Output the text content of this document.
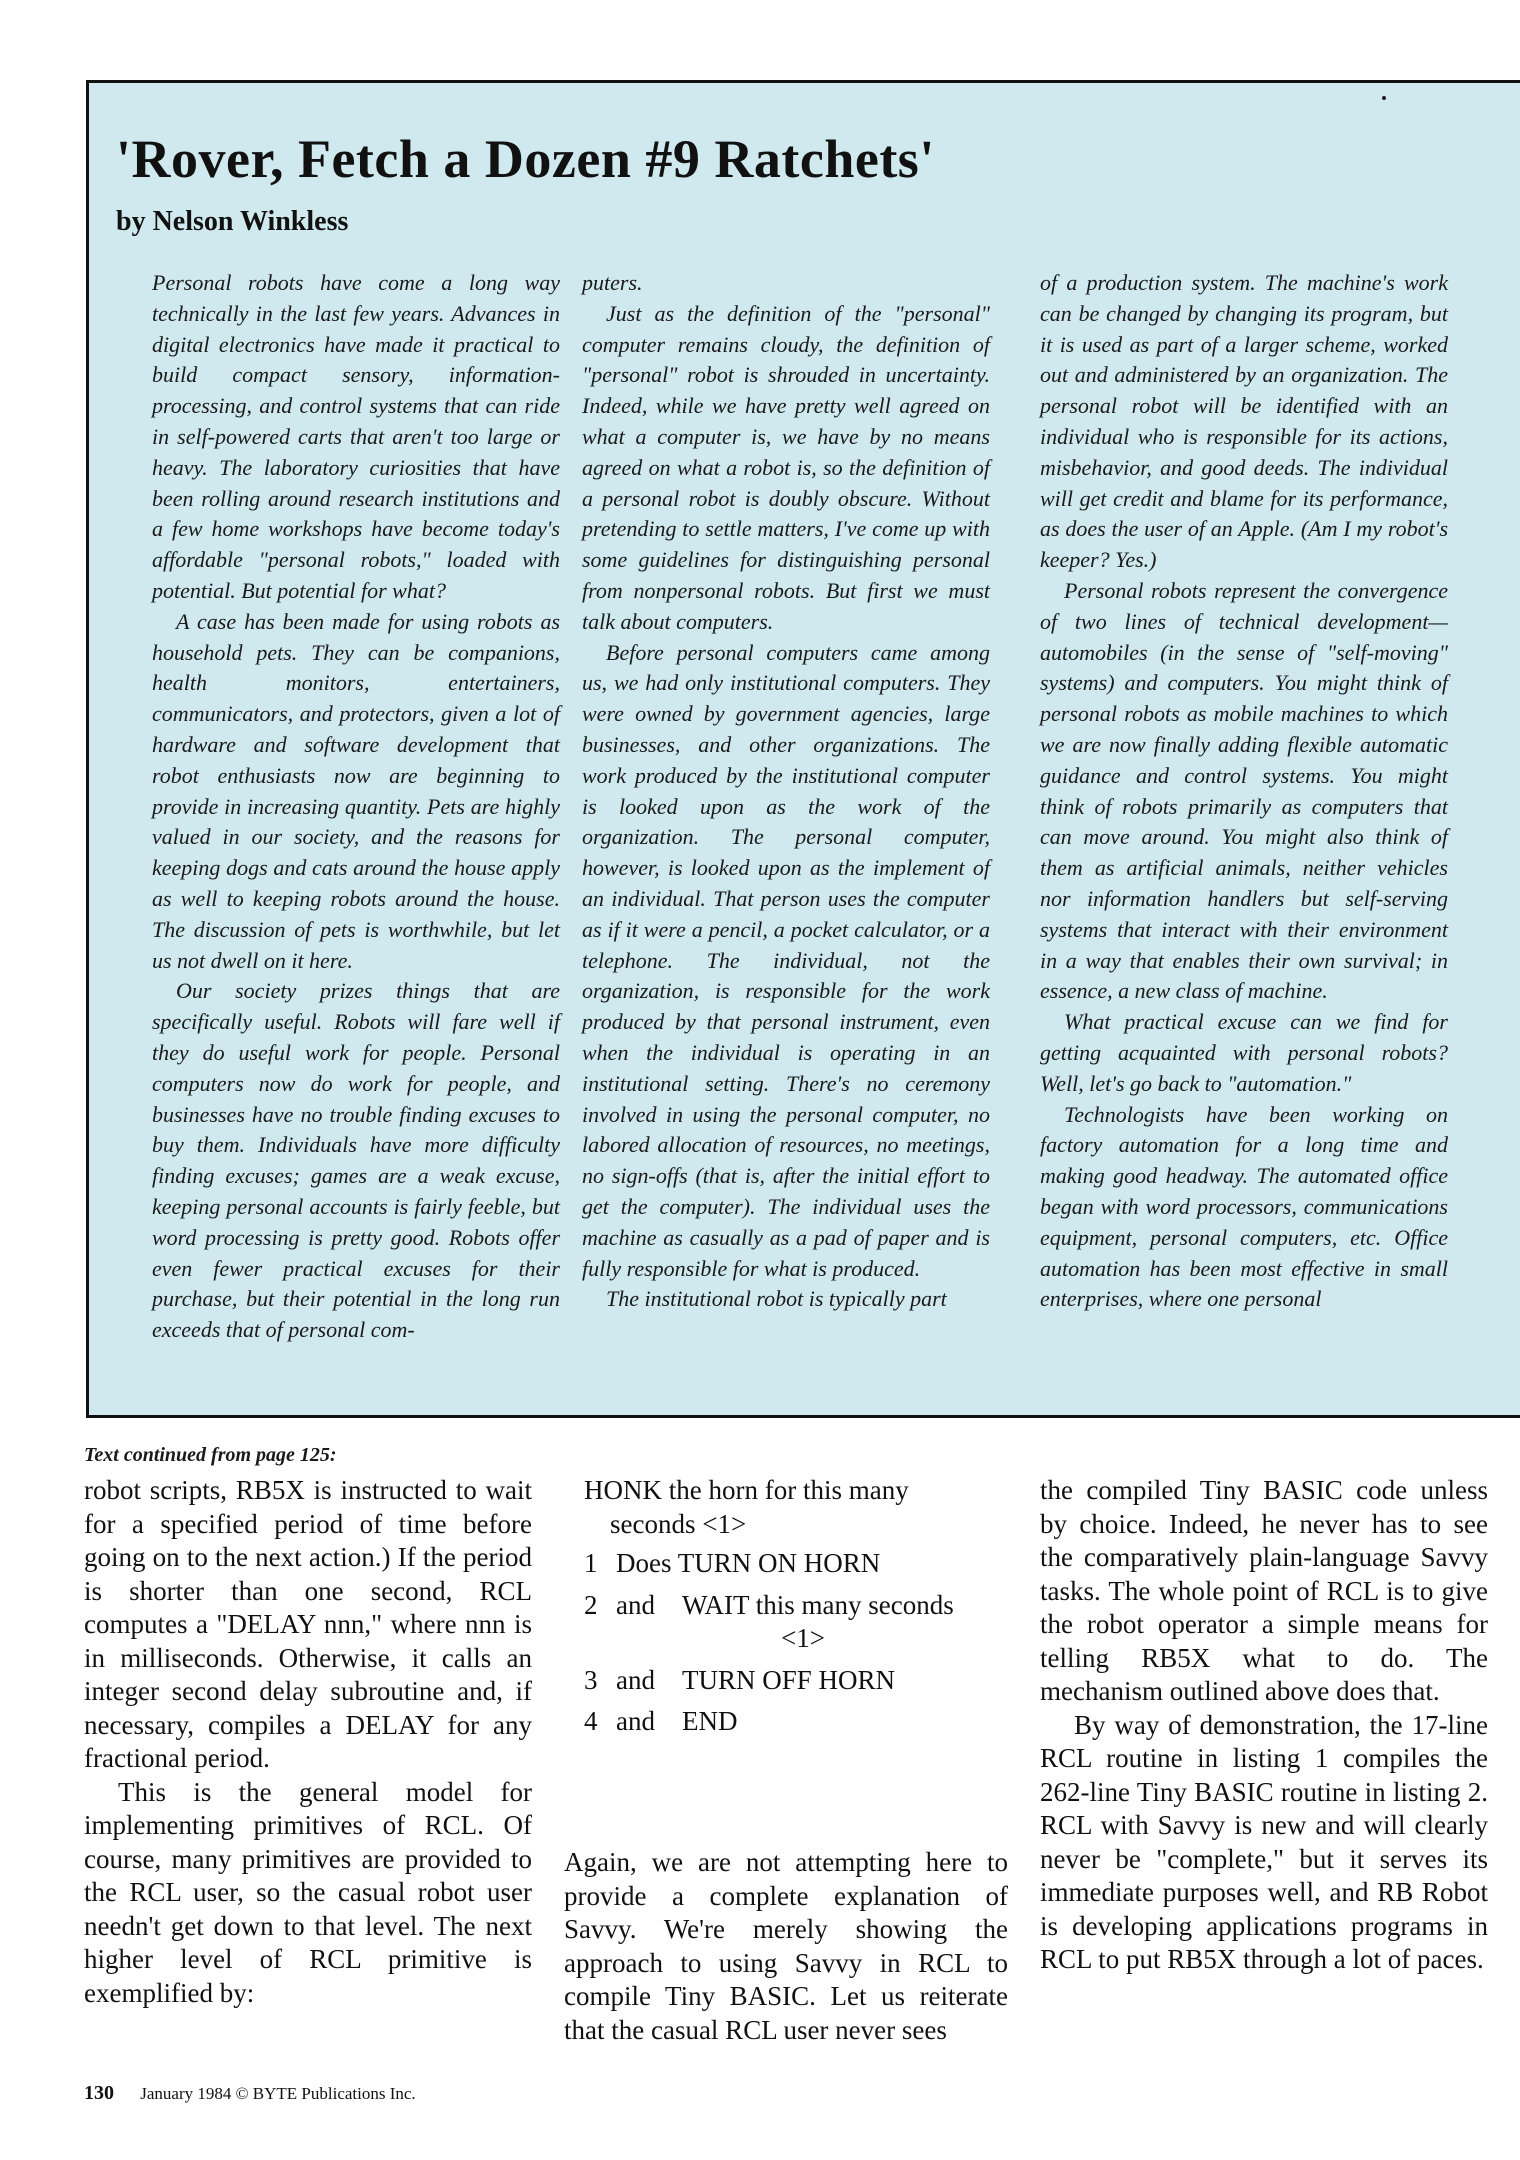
'Rover, Fetch a Dozen #9 Ratchets'
by Nelson Winkless

Personal robots have come a long way technically in the last few years. Advances in digital electronics have made it practical to build compact sensory, information-processing, and control systems that can ride in self-powered carts that aren't too large or heavy. The laboratory curiosities that have been rolling around research institutions and a few home workshops have become today's affordable "personal robots," loaded with potential. But potential for what?

A case has been made for using robots as household pets. They can be companions, health monitors, entertainers, communicators, and protectors, given a lot of hardware and software development that robot enthusiasts now are beginning to provide in increasing quantity. Pets are highly valued in our society, and the reasons for keeping dogs and cats around the house apply as well to keeping robots around the house. The discussion of pets is worthwhile, but let us not dwell on it here.

Our society prizes things that are specifically useful. Robots will fare well if they do useful work for people. Personal computers now do work for people, and businesses have no trouble finding excuses to buy them. Individuals have more difficulty finding excuses; games are a weak excuse, keeping personal accounts is fairly feeble, but word processing is pretty good. Robots offer even fewer practical excuses for their purchase, but their potential in the long run exceeds that of personal com-

puters.

Just as the definition of the "personal" computer remains cloudy, the definition of "personal" robot is shrouded in uncertainty. Indeed, while we have pretty well agreed on what a computer is, we have by no means agreed on what a robot is, so the definition of a personal robot is doubly obscure. Without pretending to settle matters, I've come up with some guidelines for distinguishing personal from nonpersonal robots. But first we must talk about computers.

Before personal computers came among us, we had only institutional computers. They were owned by government agencies, large businesses, and other organizations. The work produced by the institutional computer is looked upon as the work of the organization. The personal computer, however, is looked upon as the implement of an individual. That person uses the computer as if it were a pencil, a pocket calculator, or a telephone. The individual, not the organization, is responsible for the work produced by that personal instrument, even when the individual is operating in an institutional setting. There's no ceremony involved in using the personal computer, no labored allocation of resources, no meetings, no sign-offs (that is, after the initial effort to get the computer). The individual uses the machine as casually as a pad of paper and is fully responsible for what is produced.

The institutional robot is typically part

of a production system. The machine's work can be changed by changing its program, but it is used as part of a larger scheme, worked out and administered by an organization. The personal robot will be identified with an individual who is responsible for its actions, misbehavior, and good deeds. The individual will get credit and blame for its performance, as does the user of an Apple. (Am I my robot's keeper? Yes.)

Personal robots represent the convergence of two lines of technical development—automobiles (in the sense of "self-moving" systems) and computers. You might think of personal robots as mobile machines to which we are now finally adding flexible automatic guidance and control systems. You might think of robots primarily as computers that can move around. You might also think of them as artificial animals, neither vehicles nor information handlers but self-serving systems that interact with their environment in a way that enables their own survival; in essence, a new class of machine.

What practical excuse can we find for getting acquainted with personal robots? Well, let's go back to "automation."

Technologists have been working on factory automation for a long time and making good headway. The automated office began with word processors, communications equipment, personal computers, etc. Office automation has been most effective in small enterprises, where one personal

Text continued from page 125:

robot scripts, RB5X is instructed to wait for a specified period of time before going on to the next action.) If the period is shorter than one second, RCL computes a "DELAY nnn," where nnn is in milliseconds. Otherwise, it calls an integer second delay subroutine and, if necessary, compiles a DELAY for any fractional period.

This is the general model for implementing primitives of RCL. Of course, many primitives are provided to the RCL user, so the casual robot user needn't get down to that level. The next higher level of RCL primitive is exemplified by:

HONK the horn for this many
seconds <1>
1 Does TURN ON HORN
2 and	WAIT this many seconds
<1>
3 and	TURN OFF HORN
4 and	END

Again, we are not attempting here to provide a complete explanation of Savvy. We're merely showing the approach to using Savvy in RCL to compile Tiny BASIC. Let us reiterate that the casual RCL user never sees

the compiled Tiny BASIC code unless by choice. Indeed, he never has to see the comparatively plain-language Savvy tasks. The whole point of RCL is to give the robot operator a simple means for telling RB5X what to do. The mechanism outlined above does that.

By way of demonstration, the 17-line RCL routine in listing 1 compiles the 262-line Tiny BASIC routine in listing 2. RCL with Savvy is new and will clearly never be "complete," but it serves its immediate purposes well, and RB Robot is developing applications programs in RCL to put RB5X through a lot of paces.

130 January 1984 © BYTE Publications Inc.
